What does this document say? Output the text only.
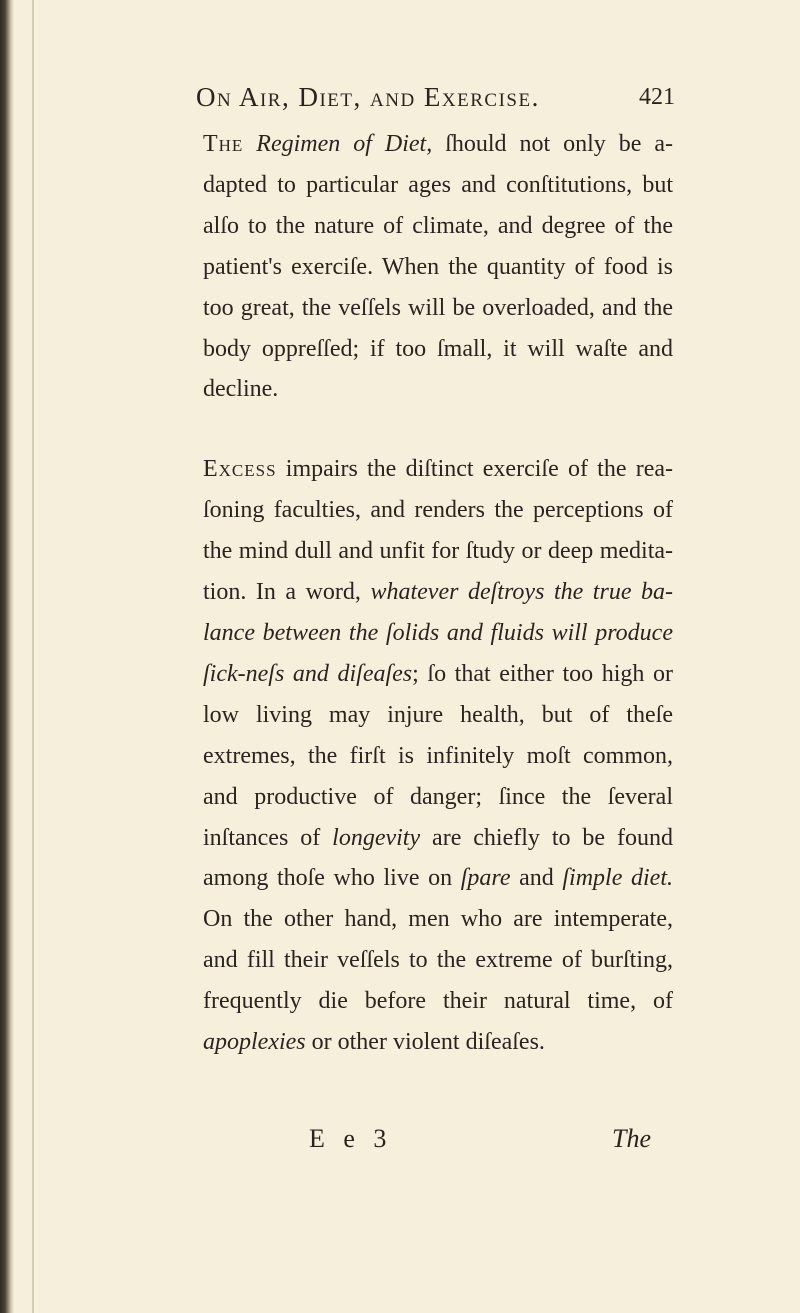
On Air, Diet, and Exercise.	421

The Regimen of Diet, ſhould not only be a-dapted to particular ages and conſtitutions, but alſo to the nature of climate, and degree of the patient's exerciſe. When the quantity of food is too great, the veſſels will be overloaded, and the body oppreſſed; if too ſmall, it will waſte and decline.

Excess impairs the diſtinct exerciſe of the rea-ſoning faculties, and renders the perceptions of the mind dull and unfit for ſtudy or deep medita-tion. In a word, whatever deſtroys the true ba-lance between the ſolids and fluids will produce ſick-neſs and diſeaſes; ſo that either too high or low living may injure health, but of theſe extremes, the firſt is infinitely moſt common, and productive of danger; ſince the ſeveral inſtances of longevity are chiefly to be found among thoſe who live on ſpare and ſimple diet. On the other hand, men who are intemperate, and fill their veſſels to the extreme of burſting, frequently die before their natural time, of apoplexies or other violent diſeaſes.

E e 3	The
